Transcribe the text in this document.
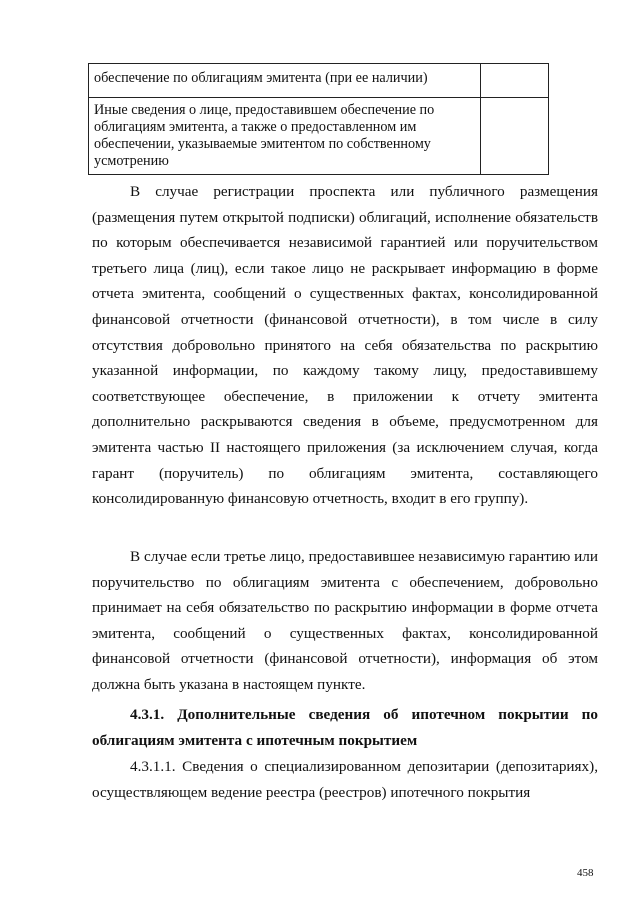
обеспечение по облигациям эмитента (при ее наличии)	
Иные сведения о лице, предоставившем обеспечение по облигациям эмитента, а также о предоставленном им обеспечении, указываемые эмитентом по собственному усмотрению	

В случае регистрации проспекта или публичного размещения (размещения путем открытой подписки) облигаций, исполнение обязательств по которым обеспечивается независимой гарантией или поручительством третьего лица (лиц), если такое лицо не раскрывает информацию в форме отчета эмитента, сообщений о существенных фактах, консолидированной финансовой отчетности (финансовой отчетности), в том числе в силу отсутствия добровольно принятого на себя обязательства по раскрытию указанной информации, по каждому такому лицу, предоставившему соответствующее обеспечение, в приложении к отчету эмитента дополнительно раскрываются сведения в объеме, предусмотренном для эмитента частью II настоящего приложения (за исключением случая, когда гарант (поручитель) по облигациям эмитента, составляющего консолидированную финансовую отчетность, входит в его группу).

В случае если третье лицо, предоставившее независимую гарантию или поручительство по облигациям эмитента с обеспечением, добровольно принимает на себя обязательство по раскрытию информации в форме отчета эмитента, сообщений о существенных фактах, консолидированной финансовой отчетности (финансовой отчетности), информация об этом должна быть указана в настоящем пункте.

4.3.1. Дополнительные сведения об ипотечном покрытии по облигациям эмитента с ипотечным покрытием

4.3.1.1. Сведения о специализированном депозитарии (депозитариях), осуществляющем ведение реестра (реестров) ипотечного покрытия

458
